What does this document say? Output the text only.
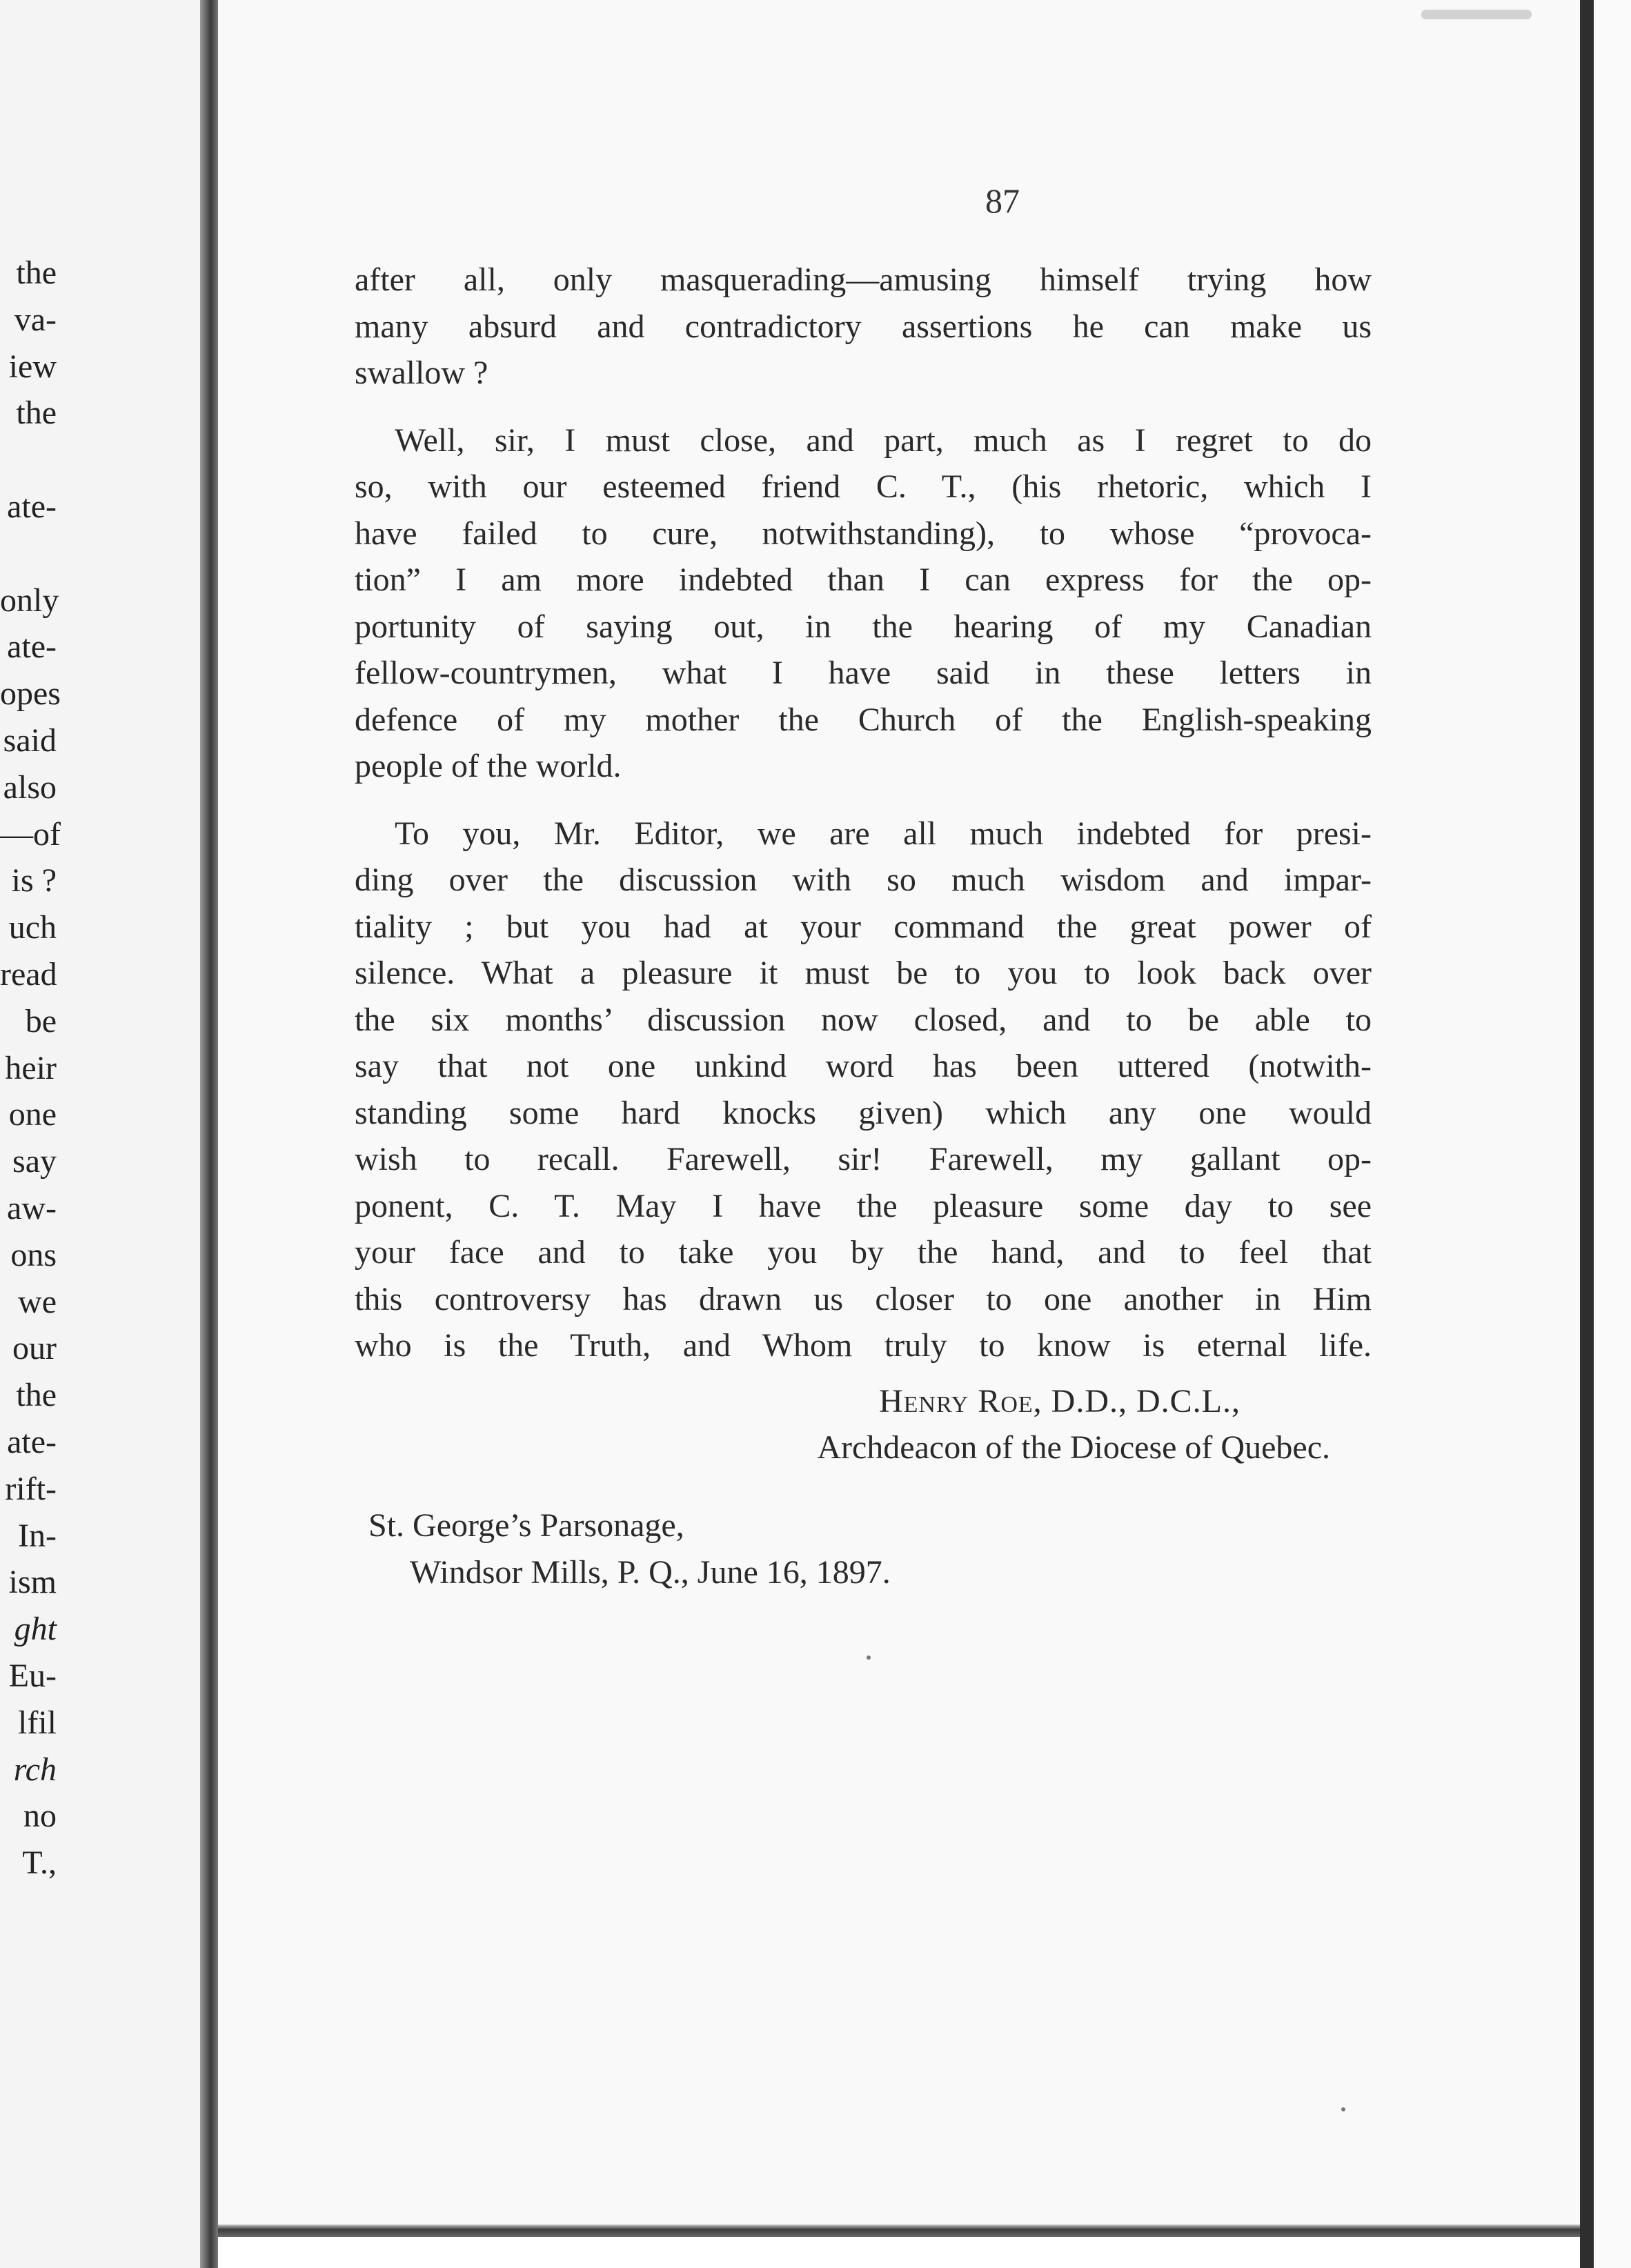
the
va-
iew
the
ate-
only
ate-
opes
said
also
—of
is ?
uch
read
be
heir
one
say
aw-
ons
we
our
the
ate-
rift-
In-
ism
ght
Eu-
lfil
rch
no
T.,
87

after all, only masquerading—amusing himself trying how
many absurd and contradictory assertions he can make us
swallow ?

Well, sir, I must close, and part, much as I regret to do
so, with our esteemed friend C. T., (his rhetoric, which I
have failed to cure, notwithstanding), to whose “provoca-
tion” I am more indebted than I can express for the op-
portunity of saying out, in the hearing of my Canadian
fellow-countrymen, what I have said in these letters in
defence of my mother the Church of the English-speaking
people of the world.

To you, Mr. Editor, we are all much indebted for presi-
ding over the discussion with so much wisdom and impar-
tiality ; but you had at your command the great power of
silence. What a pleasure it must be to you to look back over
the six months’ discussion now closed, and to be able to
say that not one unkind word has been uttered (notwith-
standing some hard knocks given) which any one would
wish to recall. Farewell, sir! Farewell, my gallant op-
ponent, C. T. May I have the pleasure some day to see
your face and to take you by the hand, and to feel that
this controversy has drawn us closer to one another in Him
who is the Truth, and Whom truly to know is eternal life.

Henry Roe, D.D., D.C.L.,
Archdeacon of the Diocese of Quebec.
St. George’s Parsonage,
Windsor Mills, P. Q., June 16, 1897.
